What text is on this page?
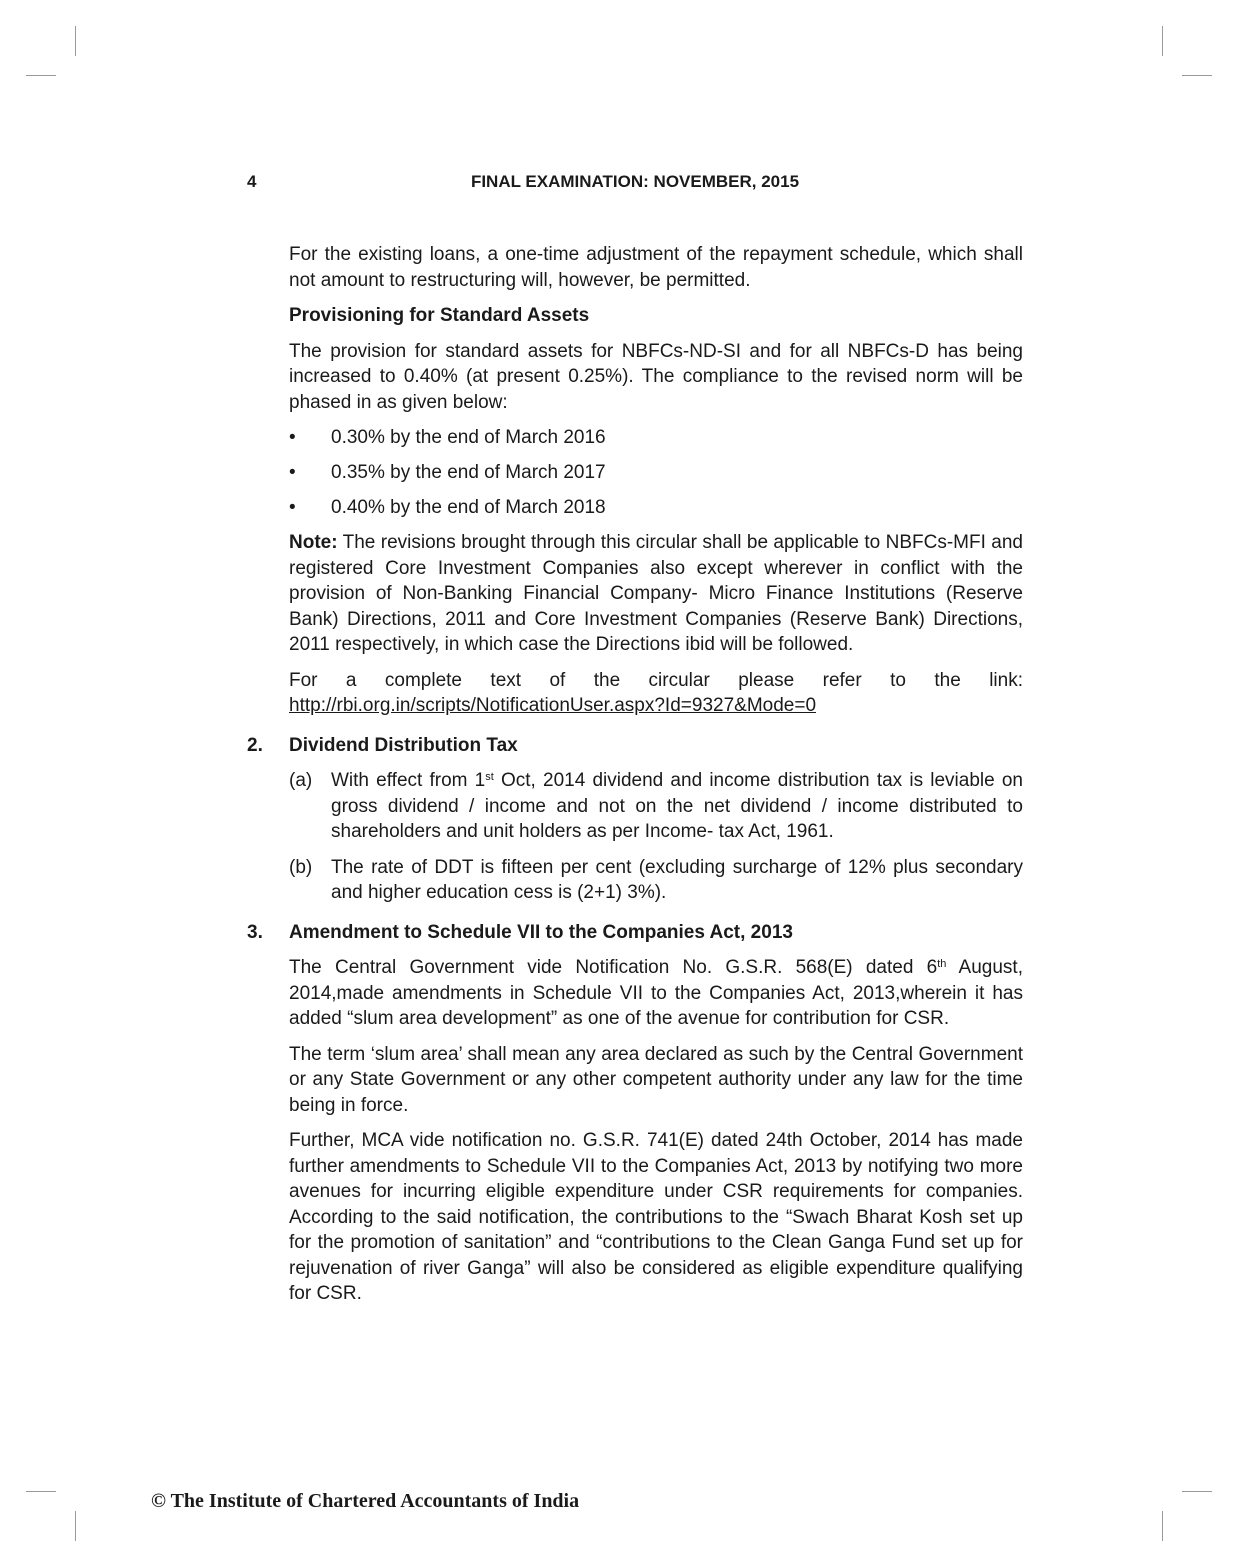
4	FINAL EXAMINATION: NOVEMBER, 2015

For the existing loans, a one-time adjustment of the repayment schedule, which shall not amount to restructuring will, however, be permitted.

Provisioning for Standard Assets

The provision for standard assets for NBFCs-ND-SI and for all NBFCs-D has being increased to 0.40% (at present 0.25%). The compliance to the revised norm will be phased in as given below:

• 0.30% by the end of March 2016
• 0.35% by the end of March 2017
• 0.40% by the end of March 2018

Note: The revisions brought through this circular shall be applicable to NBFCs-MFI and registered Core Investment Companies also except wherever in conflict with the provision of Non-Banking Financial Company- Micro Finance Institutions (Reserve Bank) Directions, 2011 and Core Investment Companies (Reserve Bank) Directions, 2011 respectively, in which case the Directions ibid will be followed.

For a complete text of the circular please refer to the link:

http://rbi.org.in/scripts/NotificationUser.aspx?Id=9327&Mode=0

2. Dividend Distribution Tax

(a) With effect from 1st Oct, 2014 dividend and income distribution tax is leviable on gross dividend / income and not on the net dividend / income distributed to shareholders and unit holders as per Income- tax Act, 1961.

(b) The rate of DDT is fifteen per cent (excluding surcharge of 12% plus secondary and higher education cess is (2+1) 3%).

3. Amendment to Schedule VII to the Companies Act, 2013

The Central Government vide Notification No. G.S.R. 568(E) dated 6th August, 2014,made amendments in Schedule VII to the Companies Act, 2013,wherein it has added “slum area development” as one of the avenue for contribution for CSR.

The term ‘slum area’ shall mean any area declared as such by the Central Government or any State Government or any other competent authority under any law for the time being in force.

Further, MCA vide notification no. G.S.R. 741(E) dated 24th October, 2014 has made further amendments to Schedule VII to the Companies Act, 2013 by notifying two more avenues for incurring eligible expenditure under CSR requirements for companies. According to the said notification, the contributions to the “Swach Bharat Kosh set up for the promotion of sanitation” and “contributions to the Clean Ganga Fund set up for rejuvenation of river Ganga” will also be considered as eligible expenditure qualifying for CSR.

© The Institute of Chartered Accountants of India
